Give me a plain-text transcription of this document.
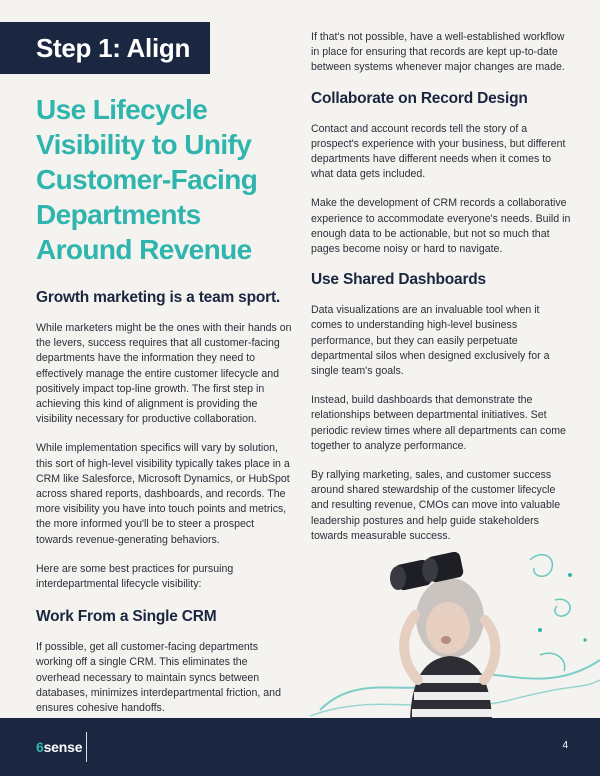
Step 1: Align
Use Lifecycle Visibility to Unify Customer-Facing Departments Around Revenue
Growth marketing is a team sport.

While marketers might be the ones with their hands on the levers, success requires that all customer-facing departments have the information they need to effectively manage the entire customer lifecycle and positively impact top-line growth. The first step in achieving this kind of alignment is providing the visibility necessary for productive collaboration.

While implementation specifics will vary by solution, this sort of high-level visibility typically takes place in a CRM like Salesforce, Microsoft Dynamics, or HubSpot across shared reports, dashboards, and records. The more visibility you have into touch points and metrics, the more informed you'll be to steer a prospect towards revenue-generating behaviors.

Here are some best practices for pursuing interdepartmental lifecycle visibility:

Work From a Single CRM

If possible, get all customer-facing departments working off a single CRM. This eliminates the overhead necessary to maintain syncs between databases, minimizes interdepartmental friction, and ensures cohesive handoffs.

If that's not possible, have a well-established workflow in place for ensuring that records are kept up-to-date between systems whenever major changes are made.

Collaborate on Record Design

Contact and account records tell the story of a prospect's experience with your business, but different departments have different needs when it comes to what data gets included.

Make the development of CRM records a collaborative experience to accommodate everyone's needs. Build in enough data to be actionable, but not so much that pages become noisy or hard to navigate.

Use Shared Dashboards

Data visualizations are an invaluable tool when it comes to understanding high-level business performance, but they can easily perpetuate departmental silos when designed exclusively for a single team's goals.

Instead, build dashboards that demonstrate the relationships between departmental initiatives. Set periodic review times where all departments can come together to analyze performance.

By rallying marketing, sales, and customer success around shared stewardship of the customer lifecycle and resulting revenue, CMOs can move into valuable leadership postures and help guide stakeholders towards measurable success.

6sense	4
